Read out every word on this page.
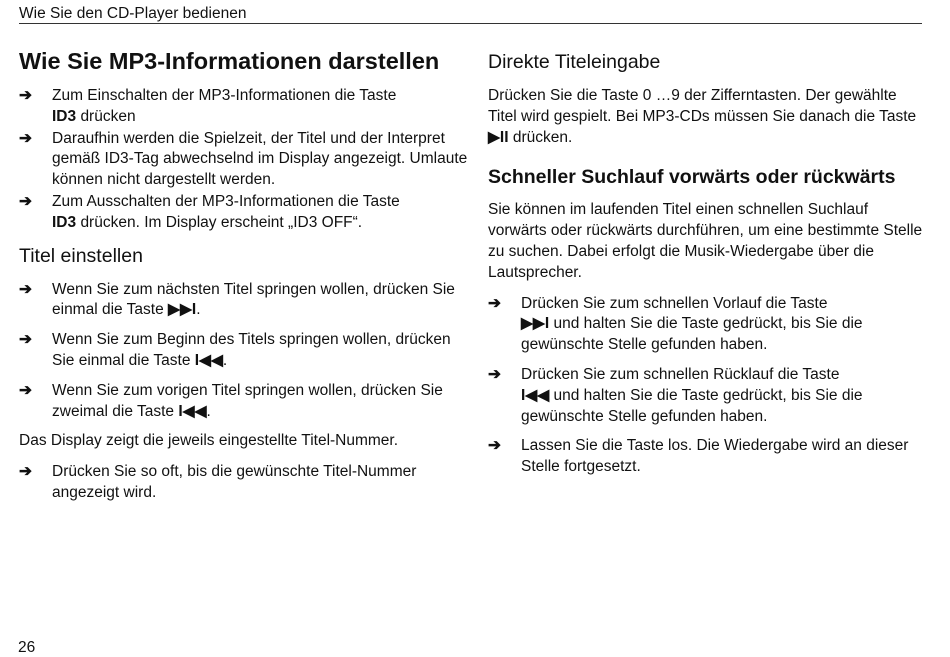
Wie Sie den CD-Player bedienen
Wie Sie MP3-Informationen darstellen
➔ Zum Einschalten der MP3-Informationen die Taste
ID3 drücken
➔ Daraufhin werden die Spielzeit, der Titel und der Interpret gemäß ID3-Tag abwechselnd im Display angezeigt. Umlaute können nicht dargestellt werden.
➔ Zum Ausschalten der MP3-Informationen die Taste
ID3 drücken. Im Display erscheint „ID3 OFF“.
Titel einstellen
➔ Wenn Sie zum nächsten Titel springen wollen, drücken Sie einmal die Taste ▶▶I.
➔ Wenn Sie zum Beginn des Titels springen wollen, drücken Sie einmal die Taste I◀◀.
➔ Wenn Sie zum vorigen Titel springen wollen, drücken Sie zweimal die Taste I◀◀.

Das Display zeigt die jeweils eingestellte Titel-Nummer.

➔ Drücken Sie so oft, bis die gewünschte Titel-Nummer angezeigt wird.
Direkte Titeleingabe

Drücken Sie die Taste 0 …9 der Zifferntasten. Der gewählte Titel wird gespielt. Bei MP3-CDs müssen Sie danach die Taste ▶II drücken.

Schneller Suchlauf vorwärts oder rückwärts

Sie können im laufenden Titel einen schnellen Suchlauf vorwärts oder rückwärts durchführen, um eine bestimmte Stelle zu suchen. Dabei erfolgt die Musik-Wiedergabe über die Lautsprecher.

➔ Drücken Sie zum schnellen Vorlauf die Taste
▶▶I und halten Sie die Taste gedrückt, bis Sie die gewünschte Stelle gefunden haben.
➔ Drücken Sie zum schnellen Rücklauf die Taste
I◀◀ und halten Sie die Taste gedrückt, bis Sie die gewünschte Stelle gefunden haben.
➔ Lassen Sie die Taste los. Die Wiedergabe wird an dieser Stelle fortgesetzt.
26
